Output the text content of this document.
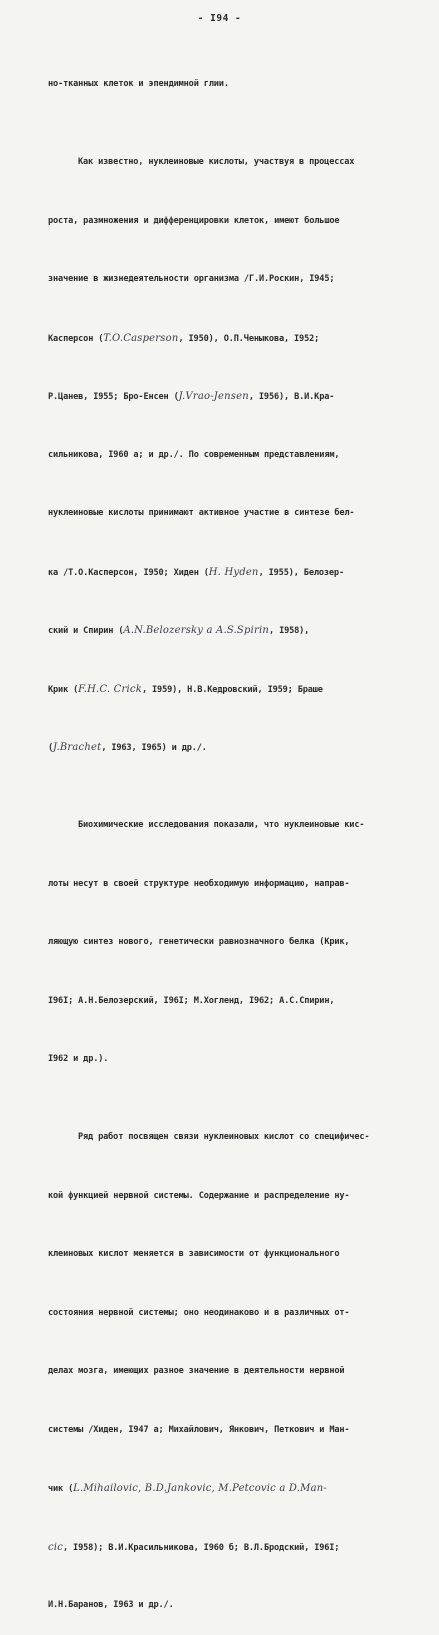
- I94 -

но-тканных клеток и эпендимной глии.

Как известно, нуклеиновые кислоты, участвуя в процессах

роста, размножения и дифференцировки клеток, имеют большое

значение в жизнедеятельности организма /Г.И.Роскин, I945;

Касперсон (T.O.Casperson, I950), О.П.Ченыкова, I952;

Р.Цанев, I955; Бро-Енсен (J.Vrao-Jensen, I956), В.И.Кра-

сильникова, I960 а; и др./. По современным представлениям,

нуклеиновые кислоты принимают активное участие в синтезе бел-

ка /Т.О.Касперсон, I950; Хиден (H. Hyden, I955), Белозер-

ский и Спирин (A.N.Belozersky a A.S.Spirin, I958),

Крик (F.H.C. Crick, I959), Н.В.Кедровский, I959; Браше

(J.Brachet, I963, I965) и др./.

Биохимические исследования показали, что нуклеиновые кис-

лоты несут в своей структуре необходимую информацию, направ-

ляющую синтез нового, генетически равнозначного белка (Крик,

I96I; А.Н.Белозерский, I96I; М.Хогленд, I962; А.С.Спирин,

I962 и др.).

Ряд работ посвящен связи нуклеиновых кислот со специфичес-

кой функцией нервной системы. Содержание и распределение ну-

клеиновых кислот меняется в зависимости от функционального

состояния нервной системы; оно неодинаково и в различных от-

делах мозга, имеющих разное значение в деятельности нервной

системы /Хиден, I947 а; Михайлович, Янкович, Петкович и Ман-

чик (L.Mihailovic, B.D.Jankovic, M.Petcovic a D.Man-

cic, I958); В.И.Красильникова, I960 б; В.Л.Бродский, I96I;

И.Н.Баранов, I963 и др./.
